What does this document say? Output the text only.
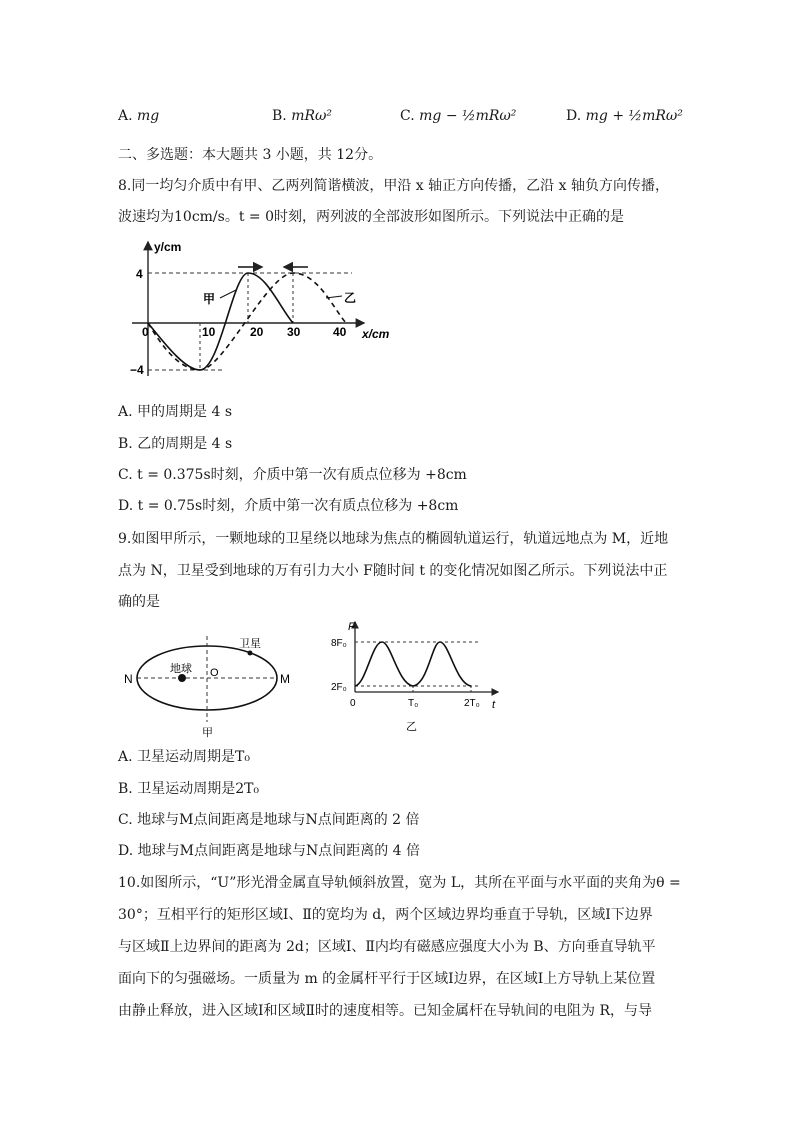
A. mg	B. mRω²	C. mg − ½mRω²	D. mg + ½mRω²
二、多选题：本大题共 3 小题，共 12分。
8.同一均匀介质中有甲、乙两列简谐横波，甲沿 x 轴正方向传播，乙沿 x 轴负方向传播，
波速均为10cm/s。t = 0时刻，两列波的全部波形如图所示。下列说法中正确的是
y/cm
x/cm
4
−4
0	10	20 30	40
甲	乙
A. 甲的周期是 4 s
B. 乙的周期是 4 s
C. t = 0.375s时刻，介质中第一次有质点位移为 +8cm
D. t = 0.75s时刻，介质中第一次有质点位移为 +8cm
9.如图甲所示，一颗地球的卫星绕以地球为焦点的椭圆轨道运行，轨道远地点为 M，近地
点为 N，卫星受到地球的万有引力大小 F随时间 t 的变化情况如图乙所示。下列说法中正
确的是
卫星
地球 O
N	M
甲
F
t
8F₀
2F₀
0	T₀	2T₀
乙
A. 卫星运动周期是T₀
B. 卫星运动周期是2T₀
C. 地球与M点间距离是地球与N点间距离的 2 倍
D. 地球与M点间距离是地球与N点间距离的 4 倍
10.如图所示，“U”形光滑金属直导轨倾斜放置，宽为 L，其所在平面与水平面的夹角为θ =
30°；互相平行的矩形区域Ⅰ、Ⅱ的宽均为 d，两个区域边界均垂直于导轨，区域Ⅰ下边界
与区域Ⅱ上边界间的距离为 2d；区域Ⅰ、Ⅱ内均有磁感应强度大小为 B、方向垂直导轨平
面向下的匀强磁场。一质量为 m 的金属杆平行于区域Ⅰ边界，在区域Ⅰ上方导轨上某位置
由静止释放，进入区域Ⅰ和区域Ⅱ时的速度相等。已知金属杆在导轨间的电阻为 R，与导
